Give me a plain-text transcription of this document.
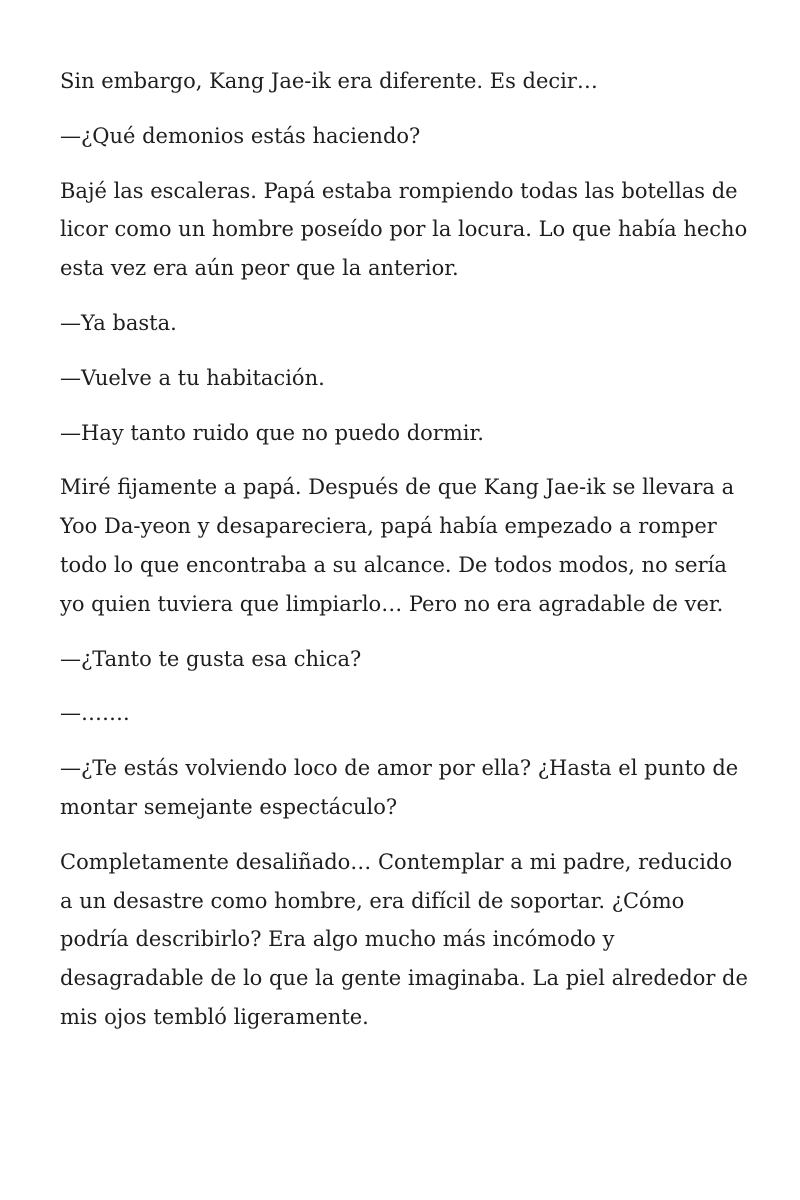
Sin embargo, Kang Jae-ik era diferente. Es decir…

—¿Qué demonios estás haciendo?

Bajé las escaleras. Papá estaba rompiendo todas las botellas de licor como un hombre poseído por la locura. Lo que había hecho esta vez era aún peor que la anterior.

—Ya basta.

—Vuelve a tu habitación.

—Hay tanto ruido que no puedo dormir.

Miré fijamente a papá. Después de que Kang Jae-ik se llevara a Yoo Da-yeon y desapareciera, papá había empezado a romper todo lo que encontraba a su alcance. De todos modos, no sería yo quien tuviera que limpiarlo… Pero no era agradable de ver.

—¿Tanto te gusta esa chica?

—…….

—¿Te estás volviendo loco de amor por ella? ¿Hasta el punto de montar semejante espectáculo?

Completamente desaliñado… Contemplar a mi padre, reducido a un desastre como hombre, era difícil de soportar. ¿Cómo podría describirlo? Era algo mucho más incómodo y desagradable de lo que la gente imaginaba. La piel alrededor de mis ojos tembló ligeramente.
